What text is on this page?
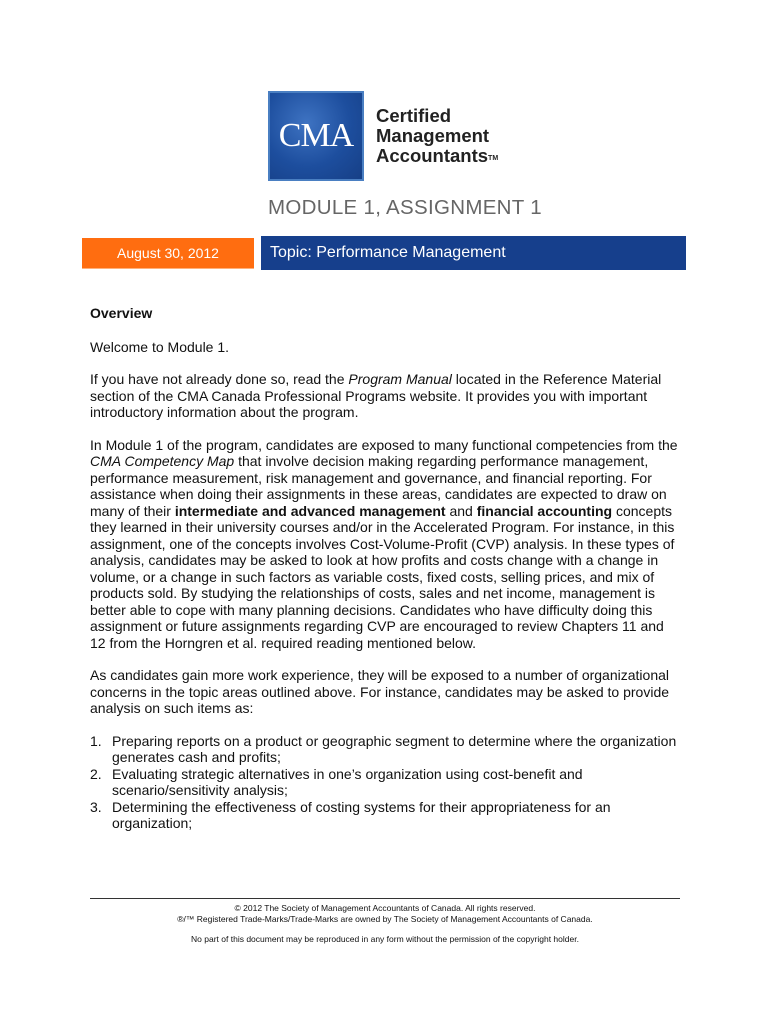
CMA
Certified
Management
Accountants™
MODULE 1, ASSIGNMENT 1
August 30, 2012	Topic: Performance Management

Overview

Welcome to Module 1.

If you have not already done so, read the Program Manual located in the Reference Material section of the CMA Canada Professional Programs website. It provides you with important introductory information about the program.

In Module 1 of the program, candidates are exposed to many functional competencies from the CMA Competency Map that involve decision making regarding performance management, performance measurement, risk management and governance, and financial reporting. For assistance when doing their assignments in these areas, candidates are expected to draw on many of their intermediate and advanced management and financial accounting concepts they learned in their university courses and/or in the Accelerated Program. For instance, in this assignment, one of the concepts involves Cost-Volume-Profit (CVP) analysis. In these types of analysis, candidates may be asked to look at how profits and costs change with a change in volume, or a change in such factors as variable costs, fixed costs, selling prices, and mix of products sold. By studying the relationships of costs, sales and net income, management is better able to cope with many planning decisions. Candidates who have difficulty doing this assignment or future assignments regarding CVP are encouraged to review Chapters 11 and 12 from the Horngren et al. required reading mentioned below.

As candidates gain more work experience, they will be exposed to a number of organizational concerns in the topic areas outlined above. For instance, candidates may be asked to provide analysis on such items as:

1. Preparing reports on a product or geographic segment to determine where the organization generates cash and profits;
2. Evaluating strategic alternatives in one’s organization using cost-benefit and scenario/sensitivity analysis;
3. Determining the effectiveness of costing systems for their appropriateness for an organization;
© 2012 The Society of Management Accountants of Canada. All rights reserved.
®/™ Registered Trade-Marks/Trade-Marks are owned by The Society of Management Accountants of Canada.
No part of this document may be reproduced in any form without the permission of the copyright holder.
